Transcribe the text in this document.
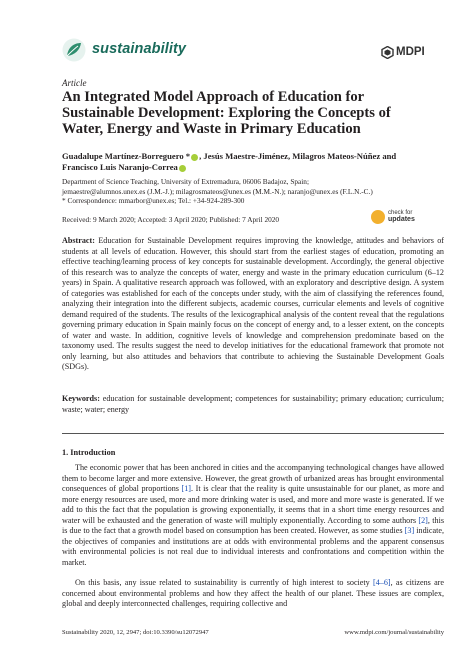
sustainability	MDPI
Article
An Integrated Model Approach of Education for Sustainable Development: Exploring the Concepts of Water, Energy and Waste in Primary Education
Guadalupe Martínez-Borreguero * , Jesús Maestre-Jiménez, Milagros Mateos-Núñez and
Francisco Luis Naranjo-Correa
Department of Science Teaching, University of Extremadura, 06006 Badajoz, Spain;
jemaestre@alumnos.unex.es (J.M.-J.); milagrosmateos@unex.es (M.M.-N.); naranjo@unex.es (F.L.N.-C.)
* Correspondence: mmarbor@unex.es; Tel.: +34-924-289-300
Received: 9 March 2020; Accepted: 3 April 2020; Published: 7 April 2020
check for
updates
Abstract: Education for Sustainable Development requires improving the knowledge, attitudes and behaviors of students at all levels of education. However, this should start from the earliest stages of education, promoting an effective teaching/learning process of key concepts for sustainable development. Accordingly, the general objective of this research was to analyze the concepts of water, energy and waste in the primary education curriculum (6–12 years) in Spain. A qualitative research approach was followed, with an exploratory and descriptive design. A system of categories was established for each of the concepts under study, with the aim of classifying the references found, analyzing their integration into the different subjects, academic courses, curricular elements and levels of cognitive demand required of the students. The results of the lexicographical analysis of the content reveal that the regulations governing primary education in Spain mainly focus on the concept of energy and, to a lesser extent, on the concepts of water and waste. In addition, cognitive levels of knowledge and comprehension predominate based on the taxonomy used. The results suggest the need to develop initiatives for the educational framework that promote not only learning, but also attitudes and behaviors that contribute to achieving the Sustainable Development Goals (SDGs).
Keywords: education for sustainable development; competences for sustainability; primary education; curriculum; waste; water; energy
1. Introduction
The economic power that has been anchored in cities and the accompanying technological changes have allowed them to become larger and more extensive. However, the great growth of urbanized areas has brought environmental consequences of global proportions [1]. It is clear that the reality is quite unsustainable for our planet, as more and more energy resources are used, more and more drinking water is used, and more and more waste is generated. If we add to this the fact that the population is growing exponentially, it seems that in a short time energy resources and water will be exhausted and the generation of waste will multiply exponentially. According to some authors [2], this is due to the fact that a growth model based on consumption has been created. However, as some studies [3] indicate, the objectives of companies and institutions are at odds with environmental problems and the apparent consensus with environmental policies is not real due to individual interests and confrontations and competition within the market.
On this basis, any issue related to sustainability is currently of high interest to society [4–6], as citizens are concerned about environmental problems and how they affect the health of our planet. These issues are complex, global and deeply interconnected challenges, requiring collective and
Sustainability 2020, 12, 2947; doi:10.3390/su12072947	www.mdpi.com/journal/sustainability
